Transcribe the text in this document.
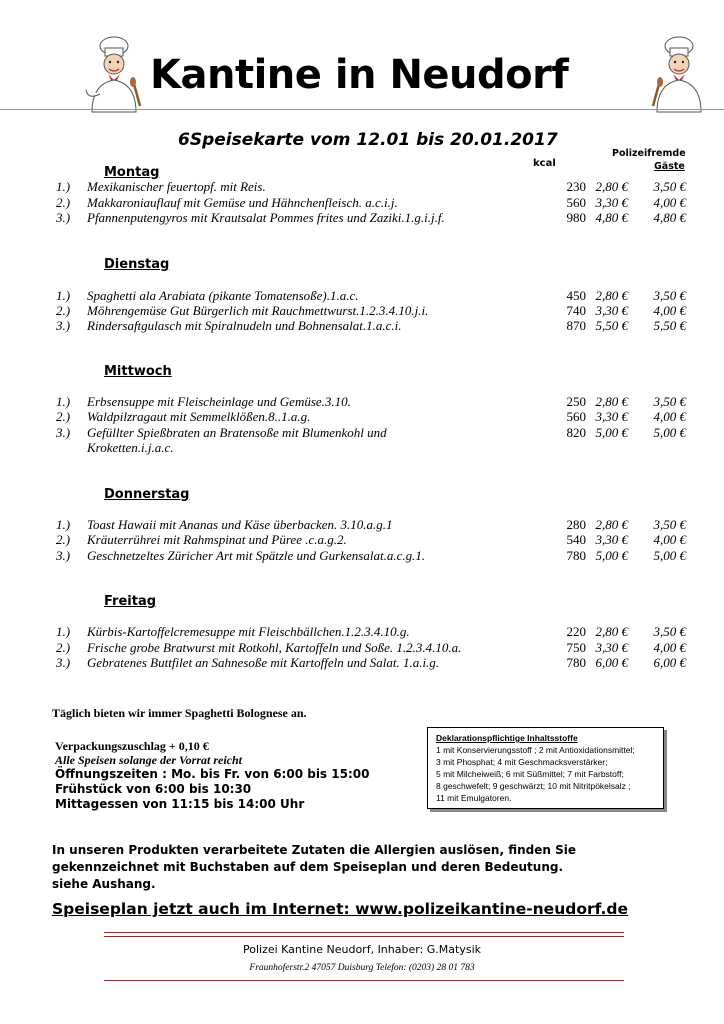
Kantine in Neudorf
6Speisekarte vom 12.01 bis 20.01.2017
Polizeifremde
kcal	Gäste
Montag
1.) Mexikanischer feuertopf. mit Reis.	230 2,80 €	3,50 €
2.) Makkaroniauflauf mit Gemüse und Hähnchenfleisch. a.c.i.j.	560 3,30 €	4,00 €
3.) Pfannenputengyros mit Krautsalat Pommes frites und Zaziki.1.g.i.j.f.	980 4,80 €	4,80 €
Dienstag
1.) Spaghetti ala Arabiata (pikante Tomatensoße).1.a.c.	450 2,80 €	3,50 €
2.) Möhrengemüse Gut Bürgerlich mit Rauchmettwurst.1.2.3.4.10.j.i.	740 3,30 €	4,00 €
3.) Rindersaftgulasch mit Spiralnudeln und Bohnensalat.1.a.c.i.	870 5,50 €	5,50 €
Mittwoch
1.) Erbsensuppe mit Fleischeinlage und Gemüse.3.10.	250 2,80 €	3,50 €
2.) Waldpilzragaut mit Semmelklößen.8..1.a.g.	560 3,30 €	4,00 €
3.) Gefüllter Spießbraten an Bratensoße mit Blumenkohl und	820 5,00 €	5,00 €
Kroketten.i.j.a.c.
Donnerstag
1.) Toast Hawaii mit Ananas und Käse überbacken. 3.10.a.g.1	280 2,80 €	3,50 €
2.) Kräuterrührei mit Rahmspinat und Püree .c.a.g.2.	540 3,30 €	4,00 €
3.) Geschnetzeltes Züricher Art mit Spätzle und Gurkensalat.a.c.g.1.	780 5,00 €	5,00 €
Freitag
1.) Kürbis-Kartoffelcremesuppe mit Fleischbällchen.1.2.3.4.10.g.	220 2,80 €	3,50 €
2.) Frische grobe Bratwurst mit Rotkohl, Kartoffeln und Soße. 1.2.3.4.10.a.	750 3,30 €	4,00 €
3.) Gebratenes Buttfilet an Sahnesoße mit Kartoffeln und Salat. 1.a.i.g.	780 6,00 €	6,00 €
Täglich bieten wir immer Spaghetti Bolognese an.
Verpackungszuschlag + 0,10 €
Alle Speisen solange der Vorrat reicht
Öffnungszeiten : Mo. bis Fr. von 6:00 bis 15:00
Frühstück von 6:00 bis 10:30
Mittagessen von 11:15 bis 14:00 Uhr
Deklarationspflichtige Inhaltsstoffe
1 mit Konservierungsstoff ; 2 mit Antioxidationsmittel;
3 mit Phosphat; 4 mit Geschmacksverstärker;
5 mit Milcheiweiß; 6 mit Süßmittel; 7 mit Farbstoff;
8 geschwefelt; 9 geschwärzt; 10 mit Nitritpökelsalz ;
11 mit Emulgatoren.
In unseren Produkten verarbeitete Zutaten die Allergien auslösen, finden Sie
gekennzeichnet mit Buchstaben auf dem Speiseplan und deren Bedeutung.
siehe Aushang.
Speiseplan jetzt auch im Internet: www.polizeikantine-neudorf.de
Polizei Kantine Neudorf, Inhaber: G.Matysik
Fraunhoferstr.2 47057 Duisburg Telefon: (0203) 28 01 783
